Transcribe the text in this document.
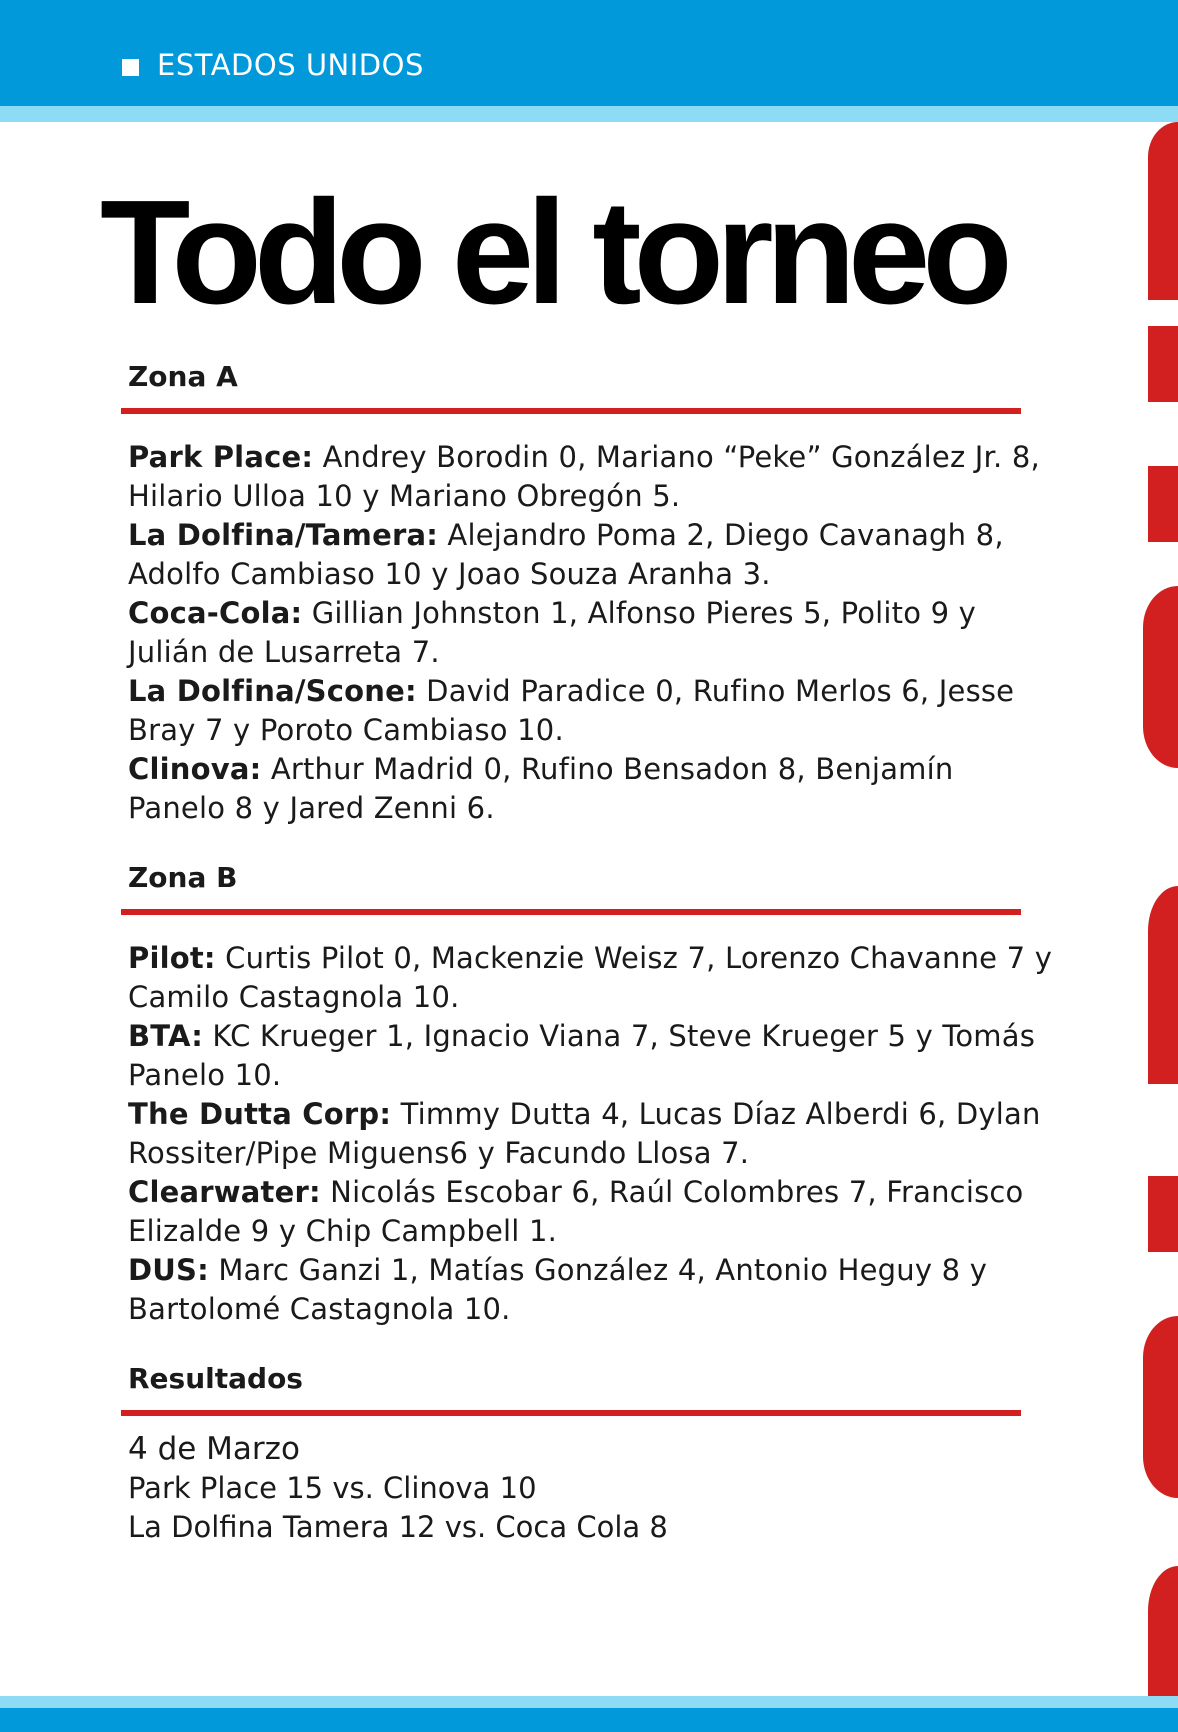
ESTADOS UNIDOS
Todo el torneo
Zona A

Park Place: Andrey Borodin 0, Mariano “Peke” González Jr. 8, Hilario Ulloa 10 y Mariano Obregón 5.

La Dolfina/Tamera: Alejandro Poma 2, Diego Cavanagh 8, Adolfo Cambiaso 10 y Joao Souza Aranha 3.

Coca-Cola: Gillian Johnston 1, Alfonso Pieres 5, Polito 9 y Julián de Lusarreta 7.

La Dolfina/Scone: David Paradice 0, Rufino Merlos 6, Jesse Bray 7 y Poroto Cambiaso 10.

Clinova: Arthur Madrid 0, Rufino Bensadon 8, Benjamín Panelo 8 y Jared Zenni 6.

Zona B

Pilot: Curtis Pilot 0, Mackenzie Weisz 7, Lorenzo Chavanne 7 y Camilo Castagnola 10.

BTA: KC Krueger 1, Ignacio Viana 7, Steve Krueger 5 y Tomás Panelo 10.

The Dutta Corp: Timmy Dutta 4, Lucas Díaz Alberdi 6, Dylan Rossiter/Pipe Miguens6 y Facundo Llosa 7.

Clearwater: Nicolás Escobar 6, Raúl Colombres 7, Francisco Elizalde 9 y Chip Campbell 1.

DUS: Marc Ganzi 1, Matías González 4, Antonio Heguy 8 y Bartolomé Castagnola 10.

Resultados

4 de Marzo

Park Place 15 vs. Clinova 10

La Dolfina Tamera 12 vs. Coca Cola 8
